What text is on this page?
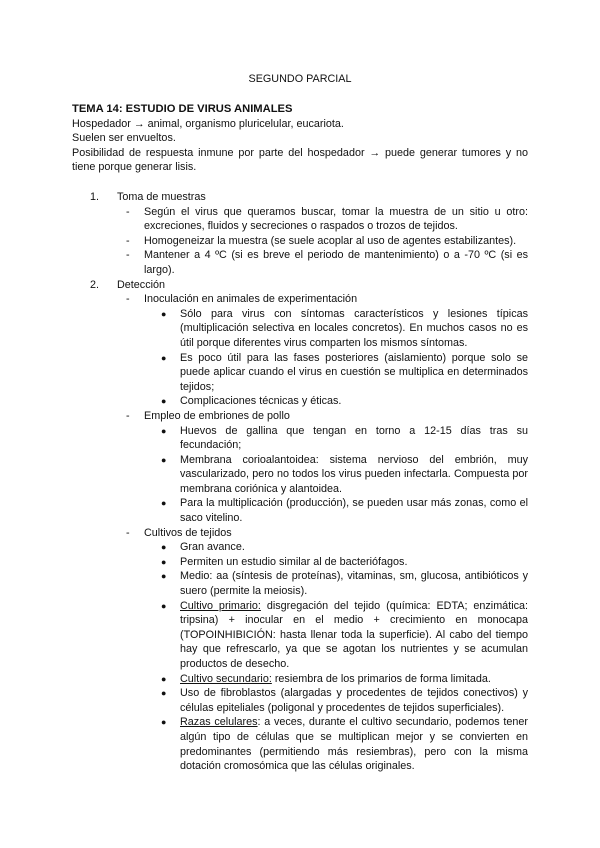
SEGUNDO PARCIAL
TEMA 14: ESTUDIO DE VIRUS ANIMALES
Hospedador → animal, organismo pluricelular, eucariota.
Suelen ser envueltos.
Posibilidad de respuesta inmune por parte del hospedador → puede generar tumores y no tiene porque generar lisis.
1. Toma de muestras
- Según el virus que queramos buscar, tomar la muestra de un sitio u otro: excreciones, fluidos y secreciones o raspados o trozos de tejidos.
- Homogeneizar la muestra (se suele acoplar al uso de agentes estabilizantes).
- Mantener a 4 ºC (si es breve el periodo de mantenimiento) o a -70 ºC (si es largo).
2. Detección
- Inoculación en animales de experimentación
● Sólo para virus con síntomas característicos y lesiones típicas (multiplicación selectiva en locales concretos). En muchos casos no es útil porque diferentes virus comparten los mismos síntomas.
● Es poco útil para las fases posteriores (aislamiento) porque solo se puede aplicar cuando el virus en cuestión se multiplica en determinados tejidos;
● Complicaciones técnicas y éticas.
- Empleo de embriones de pollo
● Huevos de gallina que tengan en torno a 12-15 días tras su fecundación;
● Membrana corioalantoidea: sistema nervioso del embrión, muy vascularizado, pero no todos los virus pueden infectarla. Compuesta por membrana coriónica y alantoidea.
● Para la multiplicación (producción), se pueden usar más zonas, como el saco vitelino.
- Cultivos de tejidos
● Gran avance.
● Permiten un estudio similar al de bacteriófagos.
● Medio: aa (síntesis de proteínas), vitaminas, sm, glucosa, antibióticos y suero (permite la meiosis).
● Cultivo primario: disgregación del tejido (química: EDTA; enzimática: tripsina) + inocular en el medio + crecimiento en monocapa (TOPOINHIBICIÓN: hasta llenar toda la superficie). Al cabo del tiempo hay que refrescarlo, ya que se agotan los nutrientes y se acumulan productos de desecho.
● Cultivo secundario: resiembra de los primarios de forma limitada.
● Uso de fibroblastos (alargadas y procedentes de tejidos conectivos) y células epiteliales (poligonal y procedentes de tejidos superficiales).
● Razas celulares: a veces, durante el cultivo secundario, podemos tener algún tipo de células que se multiplican mejor y se convierten en predominantes (permitiendo más resiembras), pero con la misma dotación cromosómica que las células originales.
